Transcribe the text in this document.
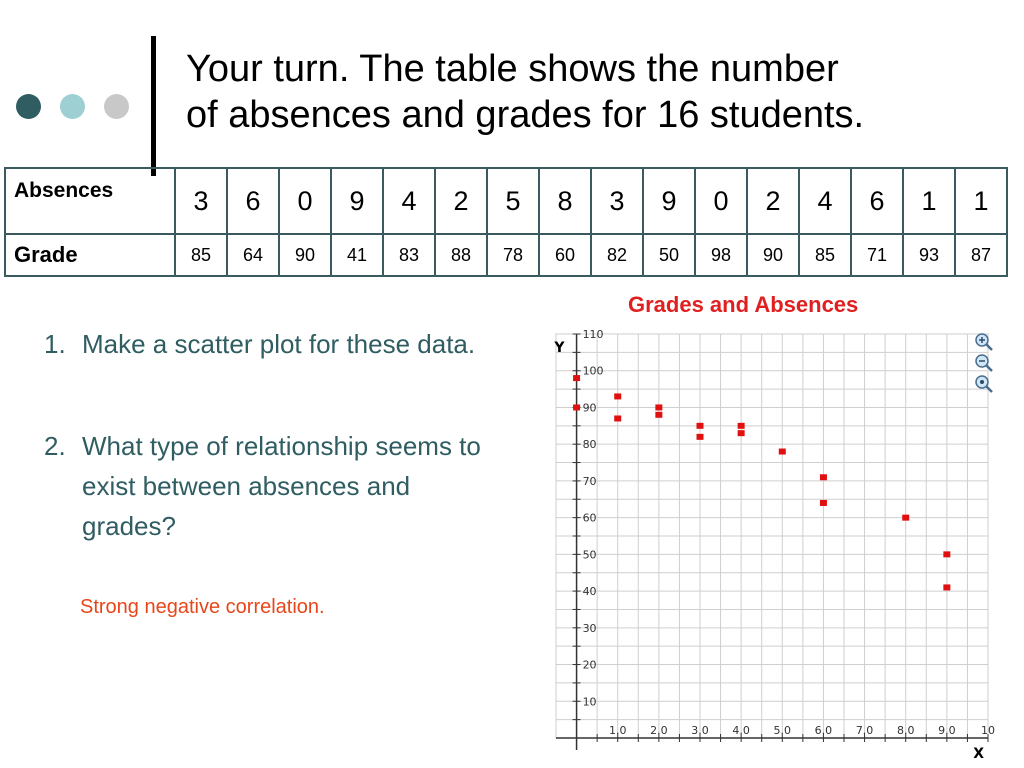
Your turn. The table shows the number
of absences and grades for 16 students.
Absences	3	6	0	9	4	2	5	8	3	9	0	2	4	6	1	1
Grade	85	64	90	41	83	88	78	60	82	50	98	90	85	71	93	87
1. Make a scatter plot for these data.
2. What type of relationship seems to exist between absences and grades?
Strong negative correlation.
Grades and Absences
1.0 2.0 3.0 4.0 5.0 6.0 7.0 8.0 9.0 10
10
20
30
40
50
60
70
80
90
100
110
X
Y
